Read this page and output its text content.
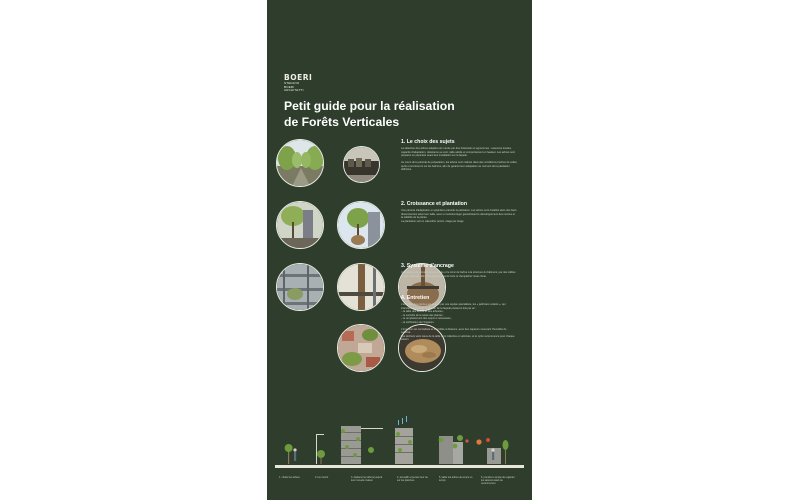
BOERI
STEFANO
BOERI
ARCHITETTI
Petit guide pour la réalisation
de Forêts Verticales
1. Le choix des sujets
La sélection des arbres adaptés est menée par des botanistes et agronomes : essences locales, capacité d'adaptation, résistance au vent, taille adulte et comportement en hauteur. Les arbres sont préparés en pépinière avant leur installation sur la façade.

Au cours de la période de préparation, les arbres sont cultivés dans des conditions proches de celles qu'ils rencontreront sur les balcons, afin de garantir leur adaptation au moment de la plantation définitive.
2. Croissance et plantation
Une période d'adaptation en pépinière précède la plantation. Les arbres sont installés dans des bacs dimensionnés selon leur taille, avec un substrat léger garantissant le développement des racines et la stabilité de la plante.
La plantation suit un calendrier précis, étage par étage.
3. Système d'ancrage
Un système de sécurité relie la motte et le tronc de l'arbre à la structure du bâtiment, par des câbles et des ceintures, afin de résister aux vents forts et d'empêcher toute chute.
4. Entretien
L'entretien des plantes est assuré par une équipe spécialisée, les « jardiniers volants », qui interviennent depuis l'extérieur de la façade plusieurs fois par an :
– la taille des arbres et des arbustes ;
– le contrôle de la santé des plantes ;
– le remplacement des sujets si nécessaire ;
– la vérification de l'irrigation.

L'irrigation est centralisée et contrôlée à distance, avec des capteurs mesurant l'humidité du substrat.
Les déchets verts issus de la taille sont collectés et valorisés, et le cycle recommence pour chaque saison.
1. choisir les arbres	2. les nourrir	3. déplacer les arbres jusqu'à leur nouvelle maison
4. accueillir et penser leur vie sur les planches
5. tailler les arbres de temps en temps
6. prendre le temps de regarder les saisons avant de recommencer
